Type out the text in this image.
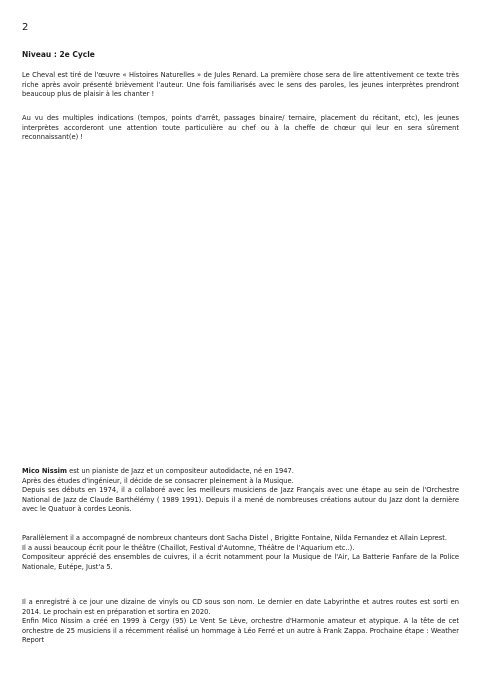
2
Niveau : 2e Cycle

Le Cheval est tiré de l'œuvre « Histoires Naturelles » de Jules Renard. La première chose sera de lire attentivement ce texte très riche après avoir présenté brièvement l'auteur. Une fois familiarisés avec le sens des paroles, les jeunes interprètes prendront beaucoup plus de plaisir à les chanter !

Au vu des multiples indications (tempos, points d'arrêt, passages binaire/ ternaire, placement du récitant, etc), les jeunes interprètes accorderont une attention toute particulière au chef ou à la cheffe de chœur qui leur en sera sûrement reconnaissant(e) !

Mico Nissim est un pianiste de Jazz et un compositeur autodidacte, né en 1947.

Après des études d'ingénieur, il décide de se consacrer pleinement à la Musique.

Depuis ses débuts en 1974, il a collaboré avec les meilleurs musiciens de Jazz Français avec une étape au sein de l'Orchestre National de Jazz de Claude Barthélémy ( 1989 1991). Depuis il a mené de nombreuses créations autour du Jazz dont la dernière avec le Quatuor à cordes Leonis.

Parallèlement il a accompagné de nombreux chanteurs dont Sacha Distel , Brigitte Fontaine, Nilda Fernandez et Allain Leprest.

Il a aussi beaucoup écrit pour le théâtre (Chaillot, Festival d'Automne, Théâtre de l'Aquarium etc..).

Compositeur apprécié des ensembles de cuivres, il a écrit notamment pour la Musique de l'Air, La Batterie Fanfare de la Police Nationale, Eutépe, Just'a 5.

Il a enregistré à ce jour une dizaine de vinyls ou CD sous son nom. Le dernier en date Labyrinthe et autres routes est sorti en 2014. Le prochain est en préparation et sortira en 2020.

Enfin Mico Nissim a créé en 1999 à Cergy (95) Le Vent Se Lève, orchestre d'Harmonie amateur et atypique. A la tête de cet orchestre de 25 musiciens il a récemment réalisé un hommage à Léo Ferré et un autre à Frank Zappa. Prochaine étape : Weather Report
